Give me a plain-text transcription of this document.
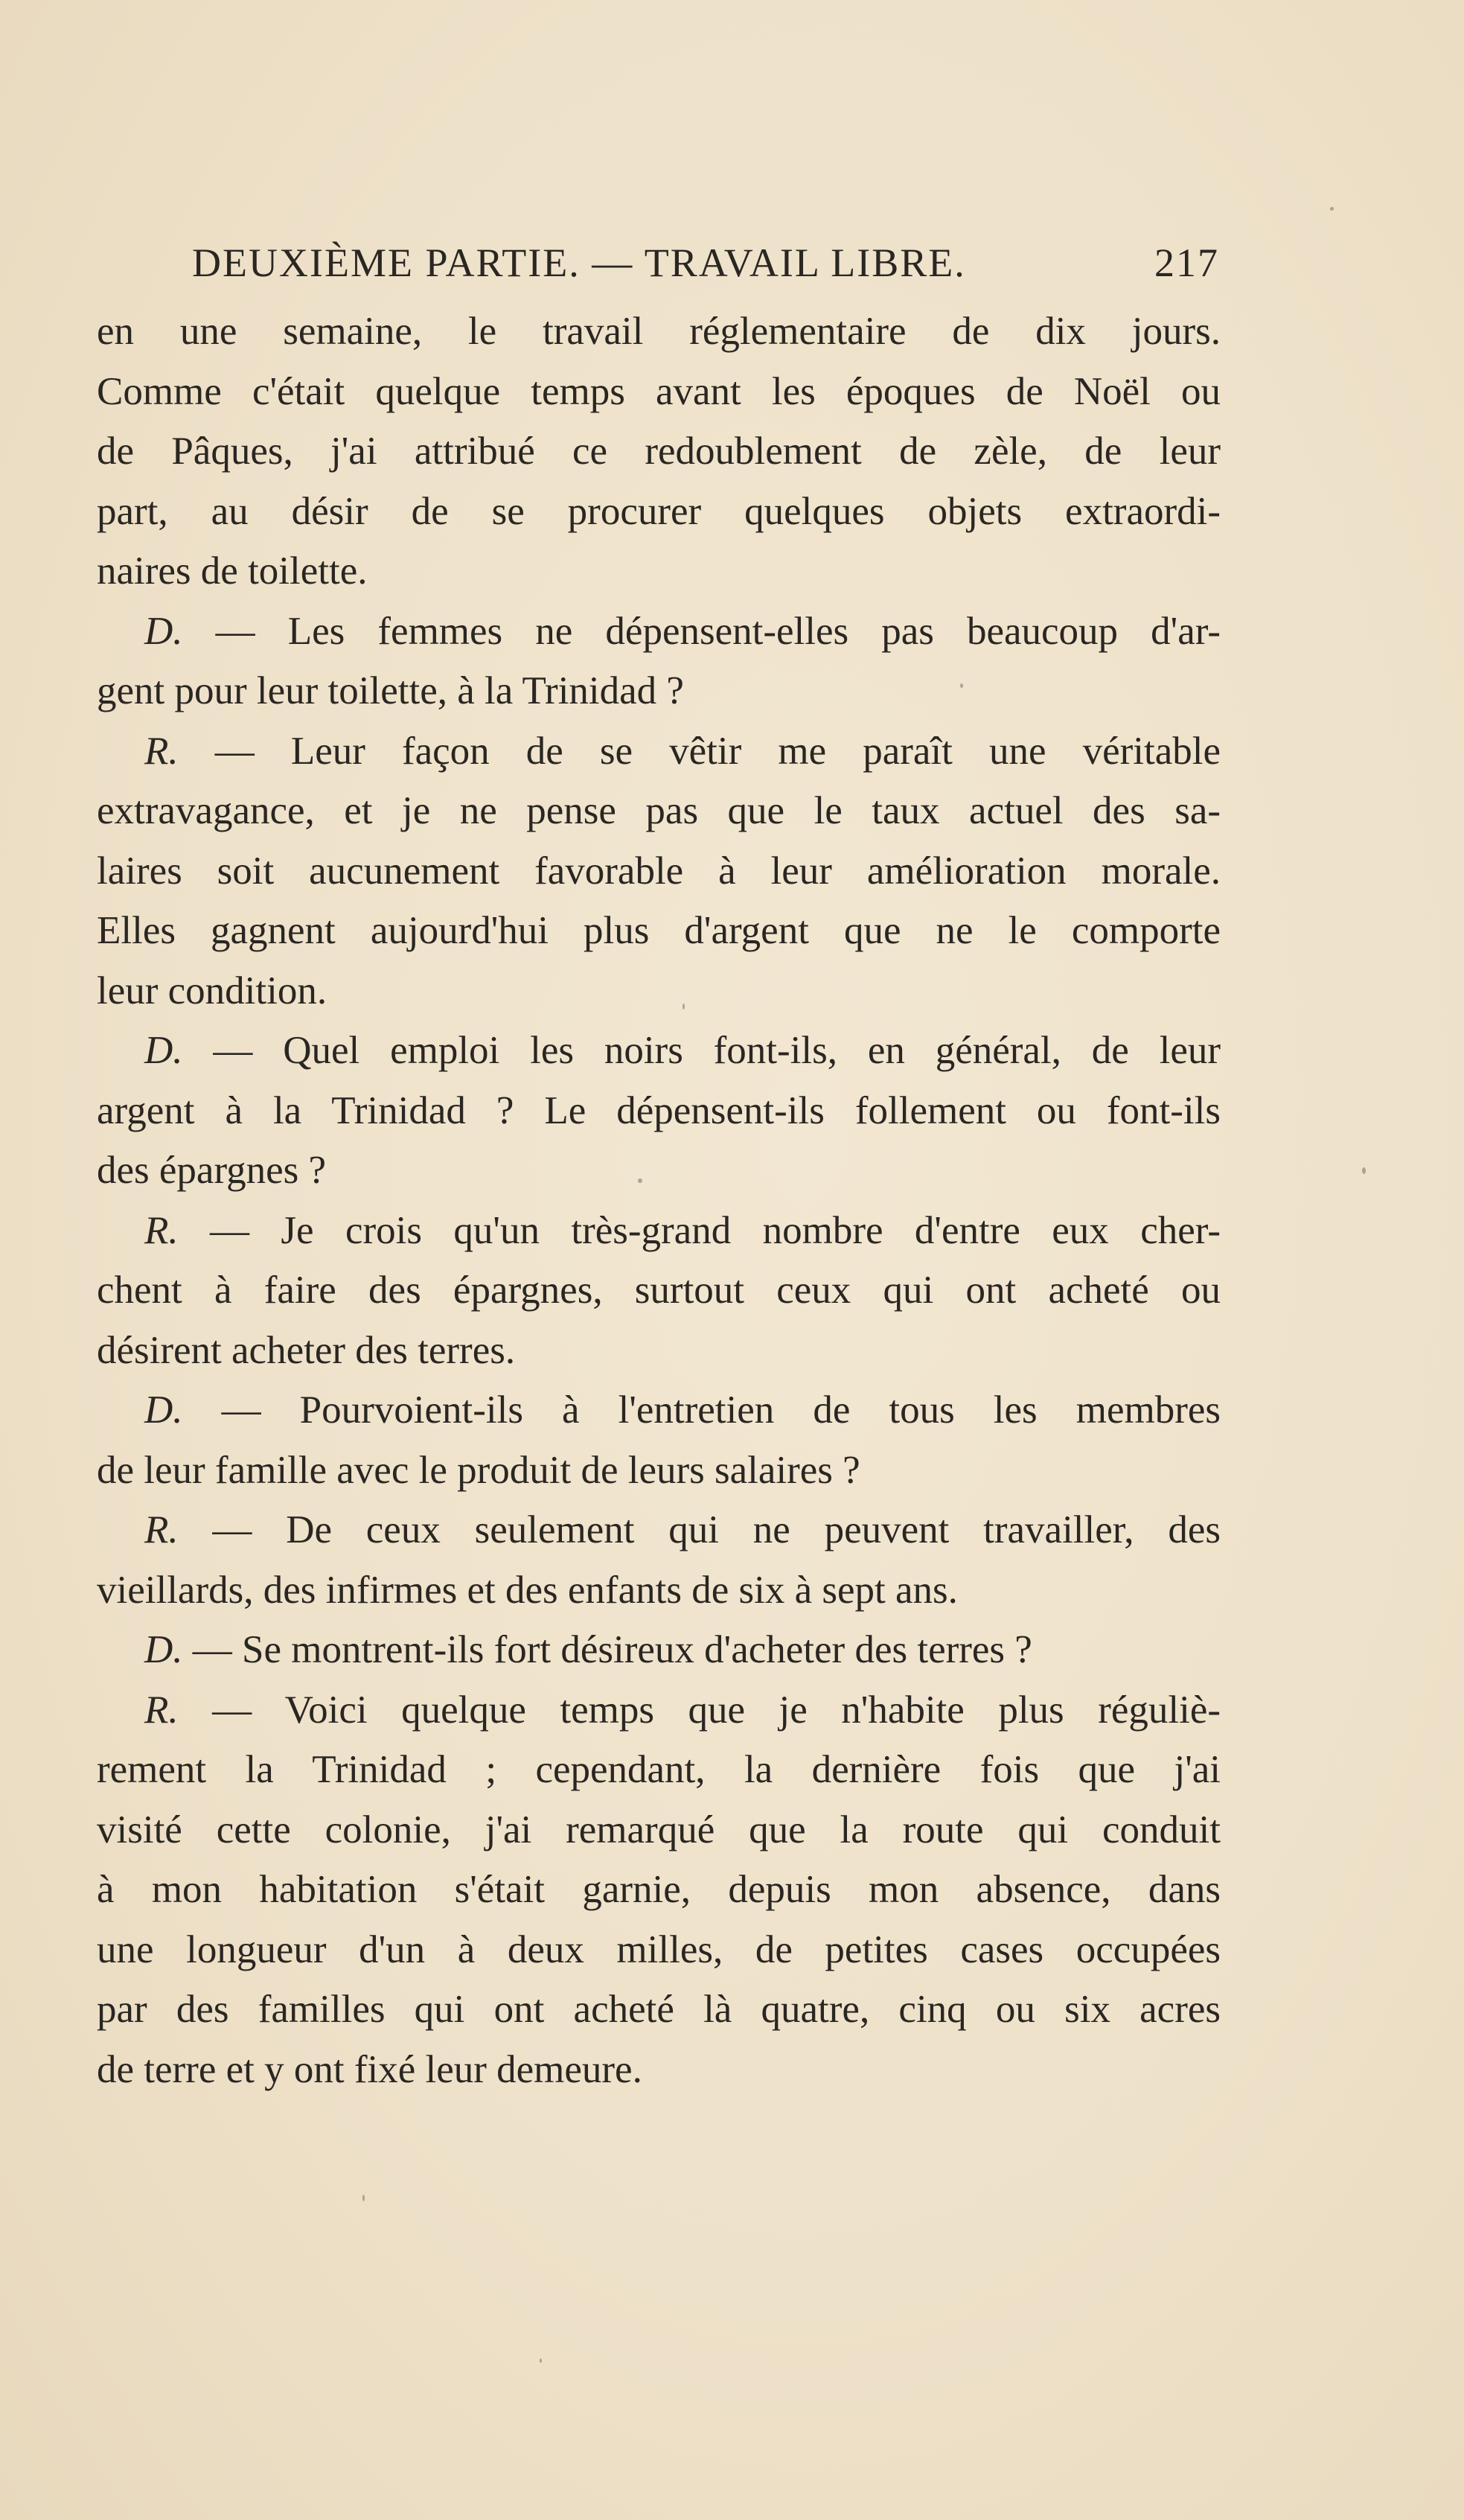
DEUXIÈME PARTIE. — TRAVAIL LIBRE.	217
en une semaine, le travail réglementaire de dix jours.
Comme c'était quelque temps avant les époques de Noël ou
de Pâques, j'ai attribué ce redoublement de zèle, de leur
part, au désir de se procurer quelques objets extraordi-
naires de toilette.
D. — Les femmes ne dépensent-elles pas beaucoup d'ar-
gent pour leur toilette, à la Trinidad ?
R. — Leur façon de se vêtir me paraît une véritable
extravagance, et je ne pense pas que le taux actuel des sa-
laires soit aucunement favorable à leur amélioration morale.
Elles gagnent aujourd'hui plus d'argent que ne le comporte
leur condition.
D. — Quel emploi les noirs font-ils, en général, de leur
argent à la Trinidad ? Le dépensent-ils follement ou font-ils
des épargnes ?
R. — Je crois qu'un très-grand nombre d'entre eux cher-
chent à faire des épargnes, surtout ceux qui ont acheté ou
désirent acheter des terres.
D. — Pourvoient-ils à l'entretien de tous les membres
de leur famille avec le produit de leurs salaires ?
R. — De ceux seulement qui ne peuvent travailler, des
vieillards, des infirmes et des enfants de six à sept ans.
D. — Se montrent-ils fort désireux d'acheter des terres ?
R. — Voici quelque temps que je n'habite plus réguliè-
rement la Trinidad ; cependant, la dernière fois que j'ai
visité cette colonie, j'ai remarqué que la route qui conduit
à mon habitation s'était garnie, depuis mon absence, dans
une longueur d'un à deux milles, de petites cases occupées
par des familles qui ont acheté là quatre, cinq ou six acres
de terre et y ont fixé leur demeure.
